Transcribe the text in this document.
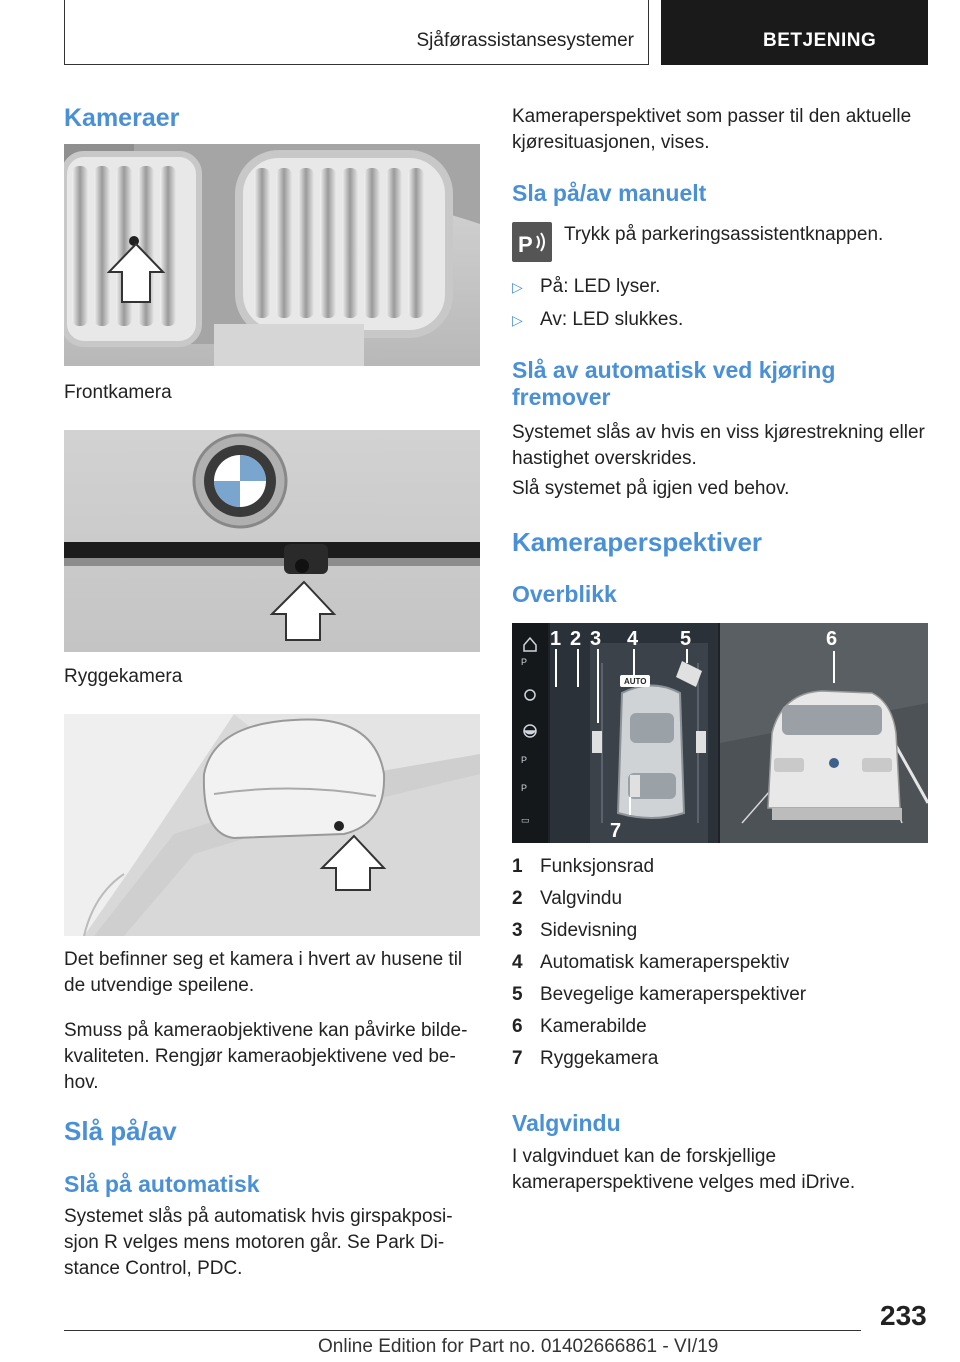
Sjåførassistansesystemer	BETJENING
Kameraer
Frontkamera
Ryggekamera
Det befinner seg et kamera i hvert av husene til de utvendige speilene.
Smuss på kameraobjektivene kan påvirke bildekvaliteten. Rengjør kameraobjektivene ved behov.
Slå på/av
Slå på automatisk
Systemet slås på automatisk hvis girspakposisjon R velges mens motoren går. Se Park Distance Control, PDC.
Kameraperspektivet som passer til den aktuelle kjøresituasjonen, vises.
Sla på/av manuelt
P Trykk på parkeringsassistentknappen.
▷ På: LED lyser.
▷ Av: LED slukkes.
Slå av automatisk ved kjøring fremover
Systemet slås av hvis en viss kjørestrekning eller hastighet overskrides.
Slå systemet på igjen ved behov.
Kameraperspektiver
Overblikk
P
P
P
▭
AUTO
1 2 3 4 5	6
7
1 Funksjonsrad
2 Valgvindu
3 Sidevisning
4 Automatisk kameraperspektiv
5 Bevegelige kameraperspektiver
6 Kamerabilde
7 Ryggekamera
Valgvindu
I valgvinduet kan de forskjellige kameraperspektivene velges med iDrive.
233
Online Edition for Part no. 01402666861 - VI/19
